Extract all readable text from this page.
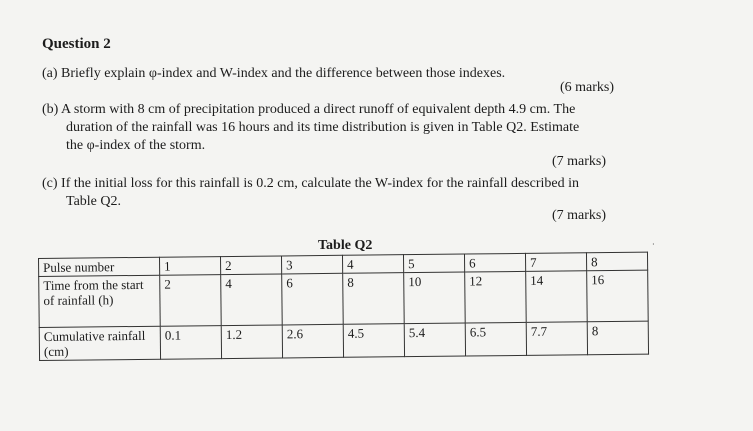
Question 2
(a) Briefly explain φ-index and W-index and the difference between those indexes.
(6 marks)
(b) A storm with 8 cm of precipitation produced a direct runoff of equivalent depth 4.9 cm. The
duration of the rainfall was 16 hours and its time distribution is given in Table Q2. Estimate
the φ-index of the storm.
(7 marks)
(c) If the initial loss for this rainfall is 0.2 cm, calculate the W-index for the rainfall described in
Table Q2.
(7 marks)
Table Q2	·
Pulse number	1	2	3	4	5	6	7	8
Time from the start of rainfall (h)	2	4	6	8	10	12	14	16
Cumulative rainfall (cm)	0.1	1.2	2.6	4.5	5.4	6.5	7.7	8
